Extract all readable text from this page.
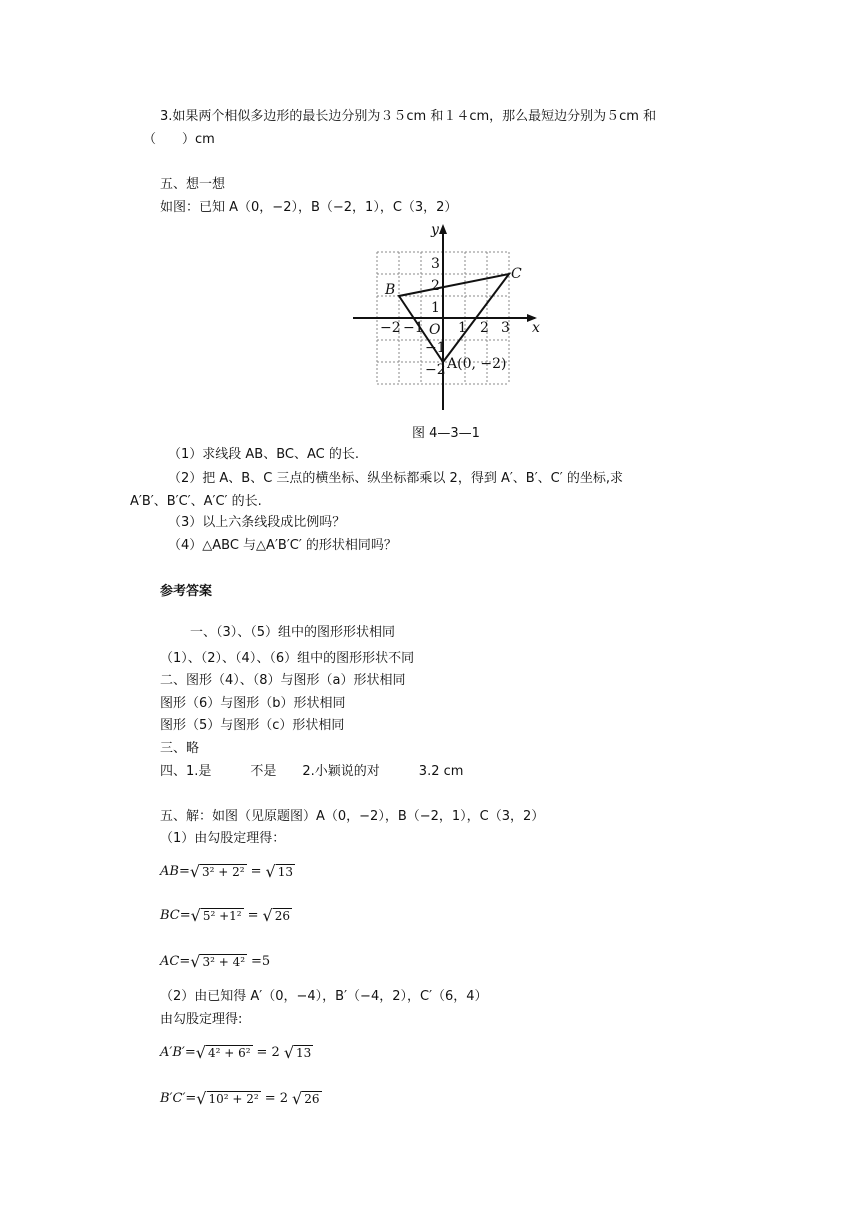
3.如果两个相似多边形的最长边分别为３５cm 和１４cm，那么最短边分别为５cm 和
（　　）cm
五、想一想
如图：已知 A（0，−2），B（−2，1），C（3，2）
x
y
O
−2 −1 1 2 3
3
2
1
−1
−2 A(0, −2)
B
C
图 4—3—1
（1）求线段 AB、BC、AC 的长.
（2）把 A、B、C 三点的横坐标、纵坐标都乘以 2，得到 A′、B′、C′ 的坐标,求
A′B′、B′C′、A′C′ 的长.
（3）以上六条线段成比例吗？
（4）△ABC 与△A′B′C′ 的形状相同吗？
参考答案
一、（3）、（5）组中的图形形状相同
（1）、（2）、（4）、（6）组中的图形形状不同
二、图形（4）、（8）与图形（a）形状相同
图形（6）与图形（b）形状相同
图形（5）与图形（c）形状相同
三、略
四、1.是　　　不是　　2.小颖说的对　　　3.2 cm
五、解：如图（见原题图）A（0，−2），B（−2，1），C（3，2）
（1）由勾股定理得：
AB= √ 3² + 2² = √ 13
BC= √ 5² +1² = √ 26
AC= √ 3² + 4² =5
（2）由已知得 A′（0，−4），B′（−4，2），C′（6，4）
由勾股定理得:
A′B′= √ 4² + 6² = 2 √ 13
B′C′= √ 10² + 2² = 2 √ 26
